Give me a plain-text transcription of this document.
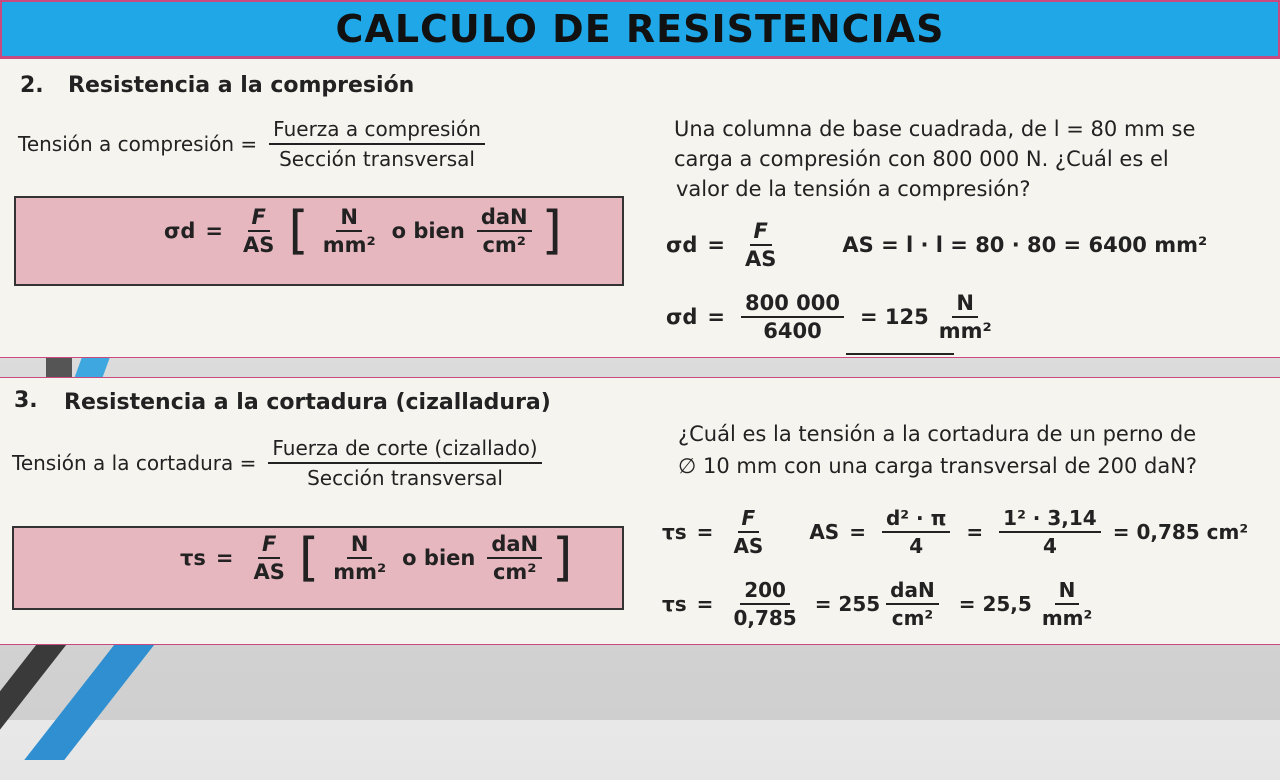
CALCULO DE RESISTENCIAS
2. Resistencia a la compresión
Tensión a compresión =
Fuerza a compresión
Sección transversal
$\sigma d = \frac{F}{AS}$ [ $\frac{N}{\text{mm²}}$ o bien $\frac{\text{daN}}{\text{cm²}}$ ]
Una columna de base cuadrada, de l = 80 mm se
carga a compresión con 800 000 N. ¿Cuál es el
valor de la tensión a compresión?
$\sigma d = \frac{F}{AS}$	AS = l · l = 80 · 80 = 6400 mm²
$\sigma d = \frac{800 000}{6400} = 125 \frac{N}{\text{mm²}}$
3. Resistencia a la cortadura (cizalladura)
Tensión a la cortadura =
Fuerza de corte (cizallado)
Sección transversal
$\tau s = \frac{F}{AS}$ [ $\frac{N}{\text{mm²}}$ o bien $\frac{\text{daN}}{\text{cm²}}$ ]
¿Cuál es la tensión a la cortadura de un perno de
∅ 10 mm con una carga transversal de 200 daN?
$\tau s = \frac{F}{AS}$ AS = $\frac{\text{d² · π}}{4} = \frac{\text{1² · 3,14}}{4} = 0,785$ cm²
$\tau s = \frac{200}{0,785} = 255 \frac{\text{daN}}{\text{cm²}} = 25,5 \frac{N}{\text{mm²}}$
